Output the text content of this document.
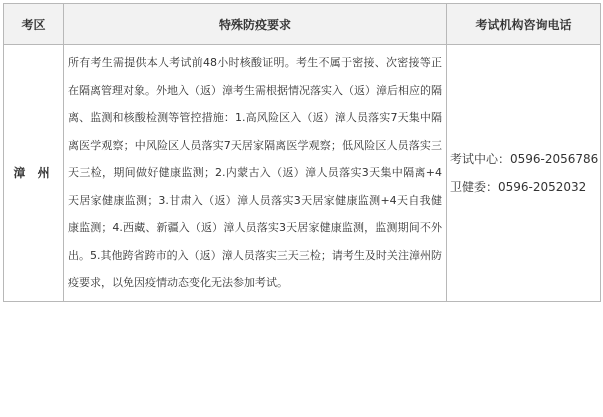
考区	特殊防疫要求	考试机构咨询电话
漳 州	所有考生需提供本人考试前48小时核酸证明。考生不属于密接、次密接等正在隔离管理对象。外地入（返）漳考生需根据情况落实入（返）漳后相应的隔离、监测和核酸检测等管控措施：1.高风险区入（返）漳人员落实7天集中隔离医学观察；中风险区人员落实7天居家隔离医学观察；低风险区人员落实三天三检，期间做好健康监测；2.内蒙古入（返）漳人员落实3天集中隔离+4天居家健康监测；3.甘肃入（返）漳人员落实3天居家健康监测+4天自我健康监测；4.西藏、新疆入（返）漳人员落实3天居家健康监测，监测期间不外出。5.其他跨省跨市的入（返）漳人员落实三天三检；请考生及时关注漳州防疫要求，以免因疫情动态变化无法参加考试。	考试中心：0596-2056786
卫健委：0596-2052032
